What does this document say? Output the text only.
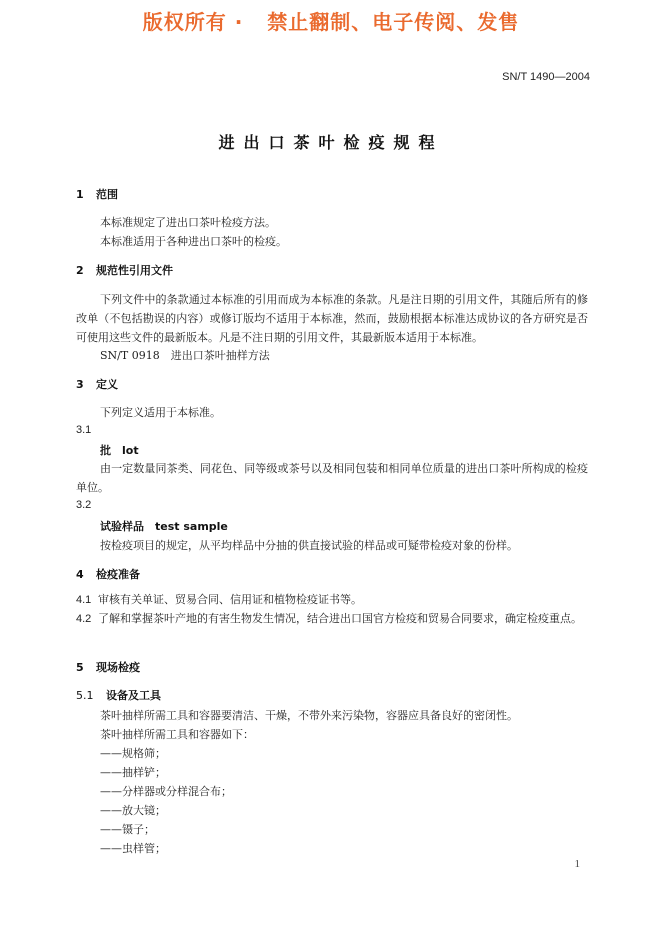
版权所有 ·   禁止翻制、电子传阅、发售
SN/T 1490—2004
进出口茶叶检疫规程
1 范围
本标准规定了进出口茶叶检疫方法。
本标准适用于各种进出口茶叶的检疫。
2 规范性引用文件
下列文件中的条款通过本标准的引用而成为本标准的条款。凡是注日期的引用文件，其随后所有的修改单（不包括勘误的内容）或修订版均不适用于本标准，然而，鼓励根据本标准达成协议的各方研究是否可使用这些文件的最新版本。凡是不注日期的引用文件，其最新版本适用于本标准。
SN/T 0918　进出口茶叶抽样方法
3 定义
下列定义适用于本标准。
3.1
批　lot
由一定数量同茶类、同花色、同等级或茶号以及相同包装和相同单位质量的进出口茶叶所构成的检疫单位。
3.2
试验样品　test sample
按检疫项目的规定，从平均样品中分抽的供直接试验的样品或可疑带检疫对象的份样。
4 检疫准备
4.1 审核有关单证、贸易合同、信用证和植物检疫证书等。
4.2 了解和掌握茶叶产地的有害生物发生情况，结合进出口国官方检疫和贸易合同要求，确定检疫重点。
5 现场检疫
5.1 设备及工具
茶叶抽样所需工具和容器要清洁、干燥，不带外来污染物，容器应具备良好的密闭性。
茶叶抽样所需工具和容器如下：
——规格筛；
——抽样铲；
——分样器或分样混合布；
——放大镜；
——镊子；
——虫样管；
1
